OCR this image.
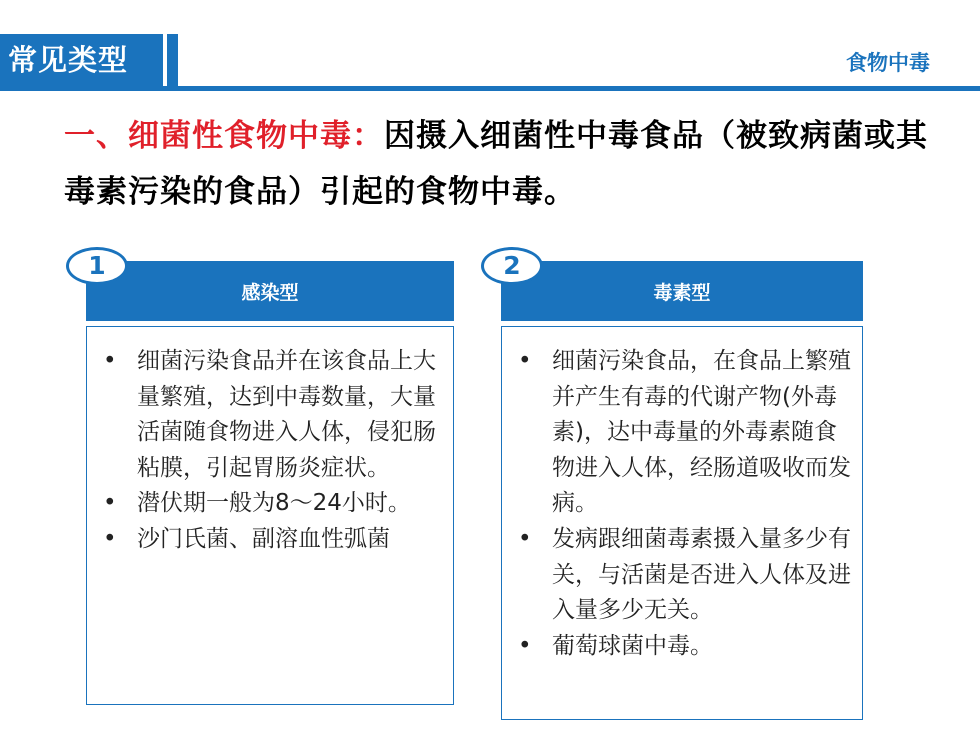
常见类型	食物中毒
一、细菌性食物中毒：因摄入细菌性中毒食品（被致病菌或其毒素污染的食品）引起的食物中毒。
感染型
1
• 细菌污染食品并在该食品上大量繁殖，达到中毒数量，大量活菌随食物进入人体，侵犯肠粘膜，引起胃肠炎症状。
• 潜伏期一般为8～24小时。
• 沙门氏菌、副溶血性弧菌
毒素型
2
• 细菌污染食品，在食品上繁殖并产生有毒的代谢产物(外毒素)，达中毒量的外毒素随食物进入人体，经肠道吸收而发病。
• 发病跟细菌毒素摄入量多少有关，与活菌是否进入人体及进入量多少无关。
• 葡萄球菌中毒。
